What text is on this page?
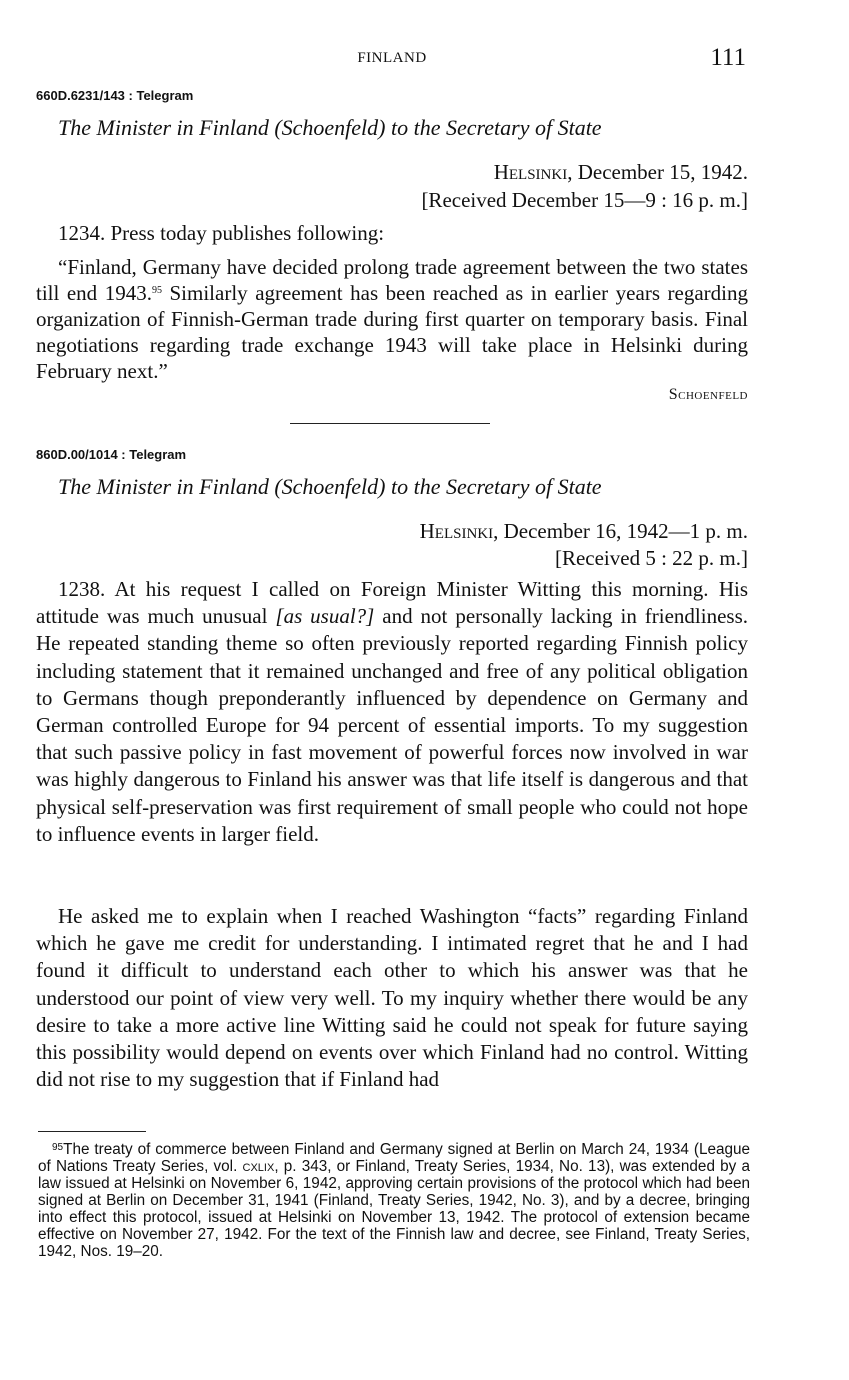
FINLAND	111
660D.6231/143 : Telegram
The Minister in Finland (Schoenfeld) to the Secretary of State
Helsinki, December 15, 1942.
[Received December 15—9 : 16 p. m.]
1234. Press today publishes following:
“Finland, Germany have decided prolong trade agreement between the two states till end 1943.95 Similarly agreement has been reached as in earlier years regarding organization of Finnish-German trade during first quarter on temporary basis. Final negotiations regarding trade exchange 1943 will take place in Helsinki during February next.”
Schoenfeld
860D.00/1014 : Telegram
The Minister in Finland (Schoenfeld) to the Secretary of State
Helsinki, December 16, 1942—1 p. m.
[Received 5 : 22 p. m.]
1238. At his request I called on Foreign Minister Witting this morning. His attitude was much unusual [as usual?] and not personally lacking in friendliness. He repeated standing theme so often previously reported regarding Finnish policy including statement that it remained unchanged and free of any political obligation to Germans though preponderantly influenced by dependence on Germany and German controlled Europe for 94 percent of essential imports. To my suggestion that such passive policy in fast movement of powerful forces now involved in war was highly dangerous to Finland his answer was that life itself is dangerous and that physical self-preservation was first requirement of small people who could not hope to influence events in larger field.
He asked me to explain when I reached Washington “facts” regarding Finland which he gave me credit for understanding. I intimated regret that he and I had found it difficult to understand each other to which his answer was that he understood our point of view very well. To my inquiry whether there would be any desire to take a more active line Witting said he could not speak for future saying this possibility would depend on events over which Finland had no control. Witting did not rise to my suggestion that if Finland had
$^{95}$The treaty of commerce between Finland and Germany signed at Berlin on March 24, 1934 (League of Nations Treaty Series, vol. cxlix, p. 343, or Finland, Treaty Series, 1934, No. 13), was extended by a law issued at Helsinki on November 6, 1942, approving certain provisions of the protocol which had been signed at Berlin on December 31, 1941 (Finland, Treaty Series, 1942, No. 3), and by a decree, bringing into effect this protocol, issued at Helsinki on November 13, 1942. The protocol of extension became effective on November 27, 1942. For the text of the Finnish law and decree, see Finland, Treaty Series, 1942, Nos. 19–20.
